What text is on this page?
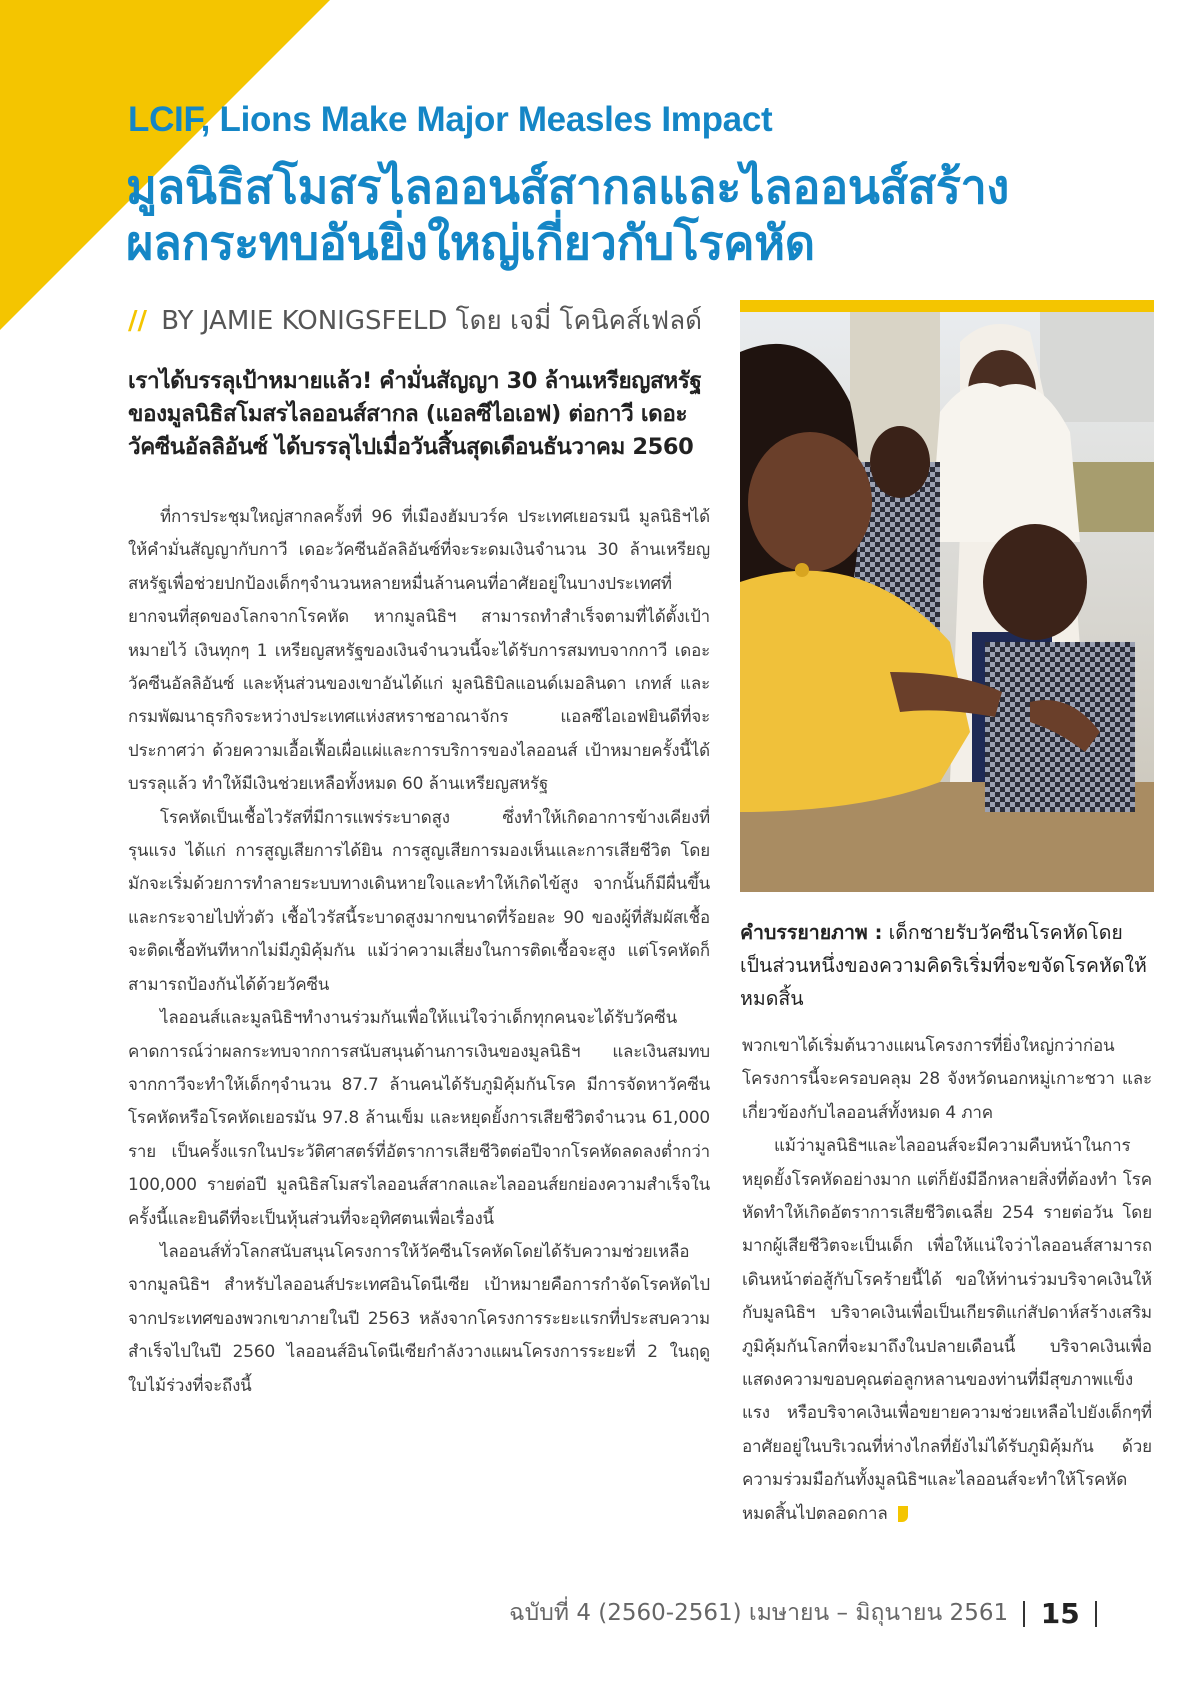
LCIF, Lions Make Major Measles Impact
มูลนิธิสโมสรไลออนส์สากลและไลออนส์สร้าง
ผลกระทบอันยิ่งใหญ่เกี่ยวกับโรคหัด
// BY JAMIE KONIGSFELD โดย เจมี่ โคนิคส์เฟลด์
เราได้บรรลุเป้าหมายแล้ว! คำมั่นสัญญา 30 ล้านเหรียญสหรัฐของมูลนิธิสโมสรไลออนส์สากล (แอลซีไอเอฟ) ต่อกาวี เดอะวัคซีนอัลลิอันซ์ ได้บรรลุไปเมื่อวันสิ้นสุดเดือนธันวาคม 2560

ที่การประชุมใหญ่สากลครั้งที่ 96 ที่เมืองฮัมบวร์ค ประเทศเยอรมนี มูลนิธิฯได้ให้คำมั่นสัญญากับกาวี เดอะวัคซีนอัลลิอันซ์ที่จะระดมเงินจำนวน 30 ล้านเหรียญสหรัฐเพื่อช่วยปกป้องเด็กๆจำนวนหลายหมื่นล้านคนที่อาศัยอยู่ในบางประเทศที่ยากจนที่สุดของโลกจากโรคหัด หากมูลนิธิฯ สามารถทำสำเร็จตามที่ได้ตั้งเป้าหมายไว้ เงินทุกๆ 1 เหรียญสหรัฐของเงินจำนวนนี้จะได้รับการสมทบจากกาวี เดอะวัคซีนอัลลิอันซ์ และหุ้นส่วนของเขาอันได้แก่ มูลนิธิบิลแอนด์เมอลินดา เกทส์ และกรมพัฒนาธุรกิจระหว่างประเทศแห่งสหราชอาณาจักร แอลซีไอเอฟยินดีที่จะประกาศว่า ด้วยความเอื้อเฟื้อเผื่อแผ่และการบริการของไลออนส์ เป้าหมายครั้งนี้ได้บรรลุแล้ว ทำให้มีเงินช่วยเหลือทั้งหมด 60 ล้านเหรียญสหรัฐ

โรคหัดเป็นเชื้อไวรัสที่มีการแพร่ระบาดสูง ซึ่งทำให้เกิดอาการข้างเคียงที่รุนแรง ได้แก่ การสูญเสียการได้ยิน การสูญเสียการมองเห็นและการเสียชีวิต โดยมักจะเริ่มด้วยการทำลายระบบทางเดินหายใจและทำให้เกิดไข้สูง จากนั้นก็มีผื่นขึ้นและกระจายไปทั่วตัว เชื้อไวรัสนี้ระบาดสูงมากขนาดที่ร้อยละ 90 ของผู้ที่สัมผัสเชื้อจะติดเชื้อทันทีหากไม่มีภูมิคุ้มกัน แม้ว่าความเสี่ยงในการติดเชื้อจะสูง แต่โรคหัดก็สามารถป้องกันได้ด้วยวัคซีน

ไลออนส์และมูลนิธิฯทำงานร่วมกันเพื่อให้แน่ใจว่าเด็กทุกคนจะได้รับวัคซีน คาดการณ์ว่าผลกระทบจากการสนับสนุนด้านการเงินของมูลนิธิฯ และเงินสมทบจากกาวีจะทำให้เด็กๆจำนวน 87.7 ล้านคนได้รับภูมิคุ้มกันโรค มีการจัดหาวัคซีนโรคหัดหรือโรคหัดเยอรมัน 97.8 ล้านเข็ม และหยุดยั้งการเสียชีวิตจำนวน 61,000 ราย เป็นครั้งแรกในประวัติศาสตร์ที่อัตราการเสียชีวิตต่อปีจากโรคหัดลดลงต่ำกว่า 100,000 รายต่อปี มูลนิธิสโมสรไลออนส์สากลและไลออนส์ยกย่องความสำเร็จในครั้งนี้และยินดีที่จะเป็นหุ้นส่วนที่จะอุทิศตนเพื่อเรื่องนี้

ไลออนส์ทั่วโลกสนับสนุนโครงการให้วัคซีนโรคหัดโดยได้รับความช่วยเหลือจากมูลนิธิฯ สำหรับไลออนส์ประเทศอินโดนีเซีย เป้าหมายคือการกำจัดโรคหัดไปจากประเทศของพวกเขาภายในปี 2563 หลังจากโครงการระยะแรกที่ประสบความสำเร็จไปในปี 2560 ไลออนส์อินโดนีเซียกำลังวางแผนโครงการระยะที่ 2 ในฤดูใบไม้ร่วงที่จะถึงนี้

คำบรรยายภาพ : เด็กชายรับวัคซีนโรคหัดโดยเป็นส่วนหนึ่งของความคิดริเริ่มที่จะขจัดโรคหัดให้หมดสิ้น

พวกเขาได้เริ่มต้นวางแผนโครงการที่ยิ่งใหญ่กว่าก่อน โครงการนี้จะครอบคลุม 28 จังหวัดนอกหมู่เกาะชวา และเกี่ยวข้องกับไลออนส์ทั้งหมด 4 ภาค

แม้ว่ามูลนิธิฯและไลออนส์จะมีความคืบหน้าในการหยุดยั้งโรคหัดอย่างมาก แต่ก็ยังมีอีกหลายสิ่งที่ต้องทำ โรคหัดทำให้เกิดอัตราการเสียชีวิตเฉลี่ย 254 รายต่อวัน โดยมากผู้เสียชีวิตจะเป็นเด็ก เพื่อให้แน่ใจว่าไลออนส์สามารถเดินหน้าต่อสู้กับโรคร้ายนี้ได้ ขอให้ท่านร่วมบริจาคเงินให้กับมูลนิธิฯ บริจาคเงินเพื่อเป็นเกียรติแก่สัปดาห์สร้างเสริมภูมิคุ้มกันโลกที่จะมาถึงในปลายเดือนนี้ บริจาคเงินเพื่อแสดงความขอบคุณต่อลูกหลานของท่านที่มีสุขภาพแข็งแรง หรือบริจาคเงินเพื่อขยายความช่วยเหลือไปยังเด็กๆที่อาศัยอยู่ในบริเวณที่ห่างไกลที่ยังไม่ได้รับภูมิคุ้มกัน ด้วยความร่วมมือกันทั้งมูลนิธิฯและไลออนส์จะทำให้โรคหัดหมดสิ้นไปตลอดกาล

ฉบับที่ 4 (2560-2561) เมษายน – มิถุนายน 2561 15
